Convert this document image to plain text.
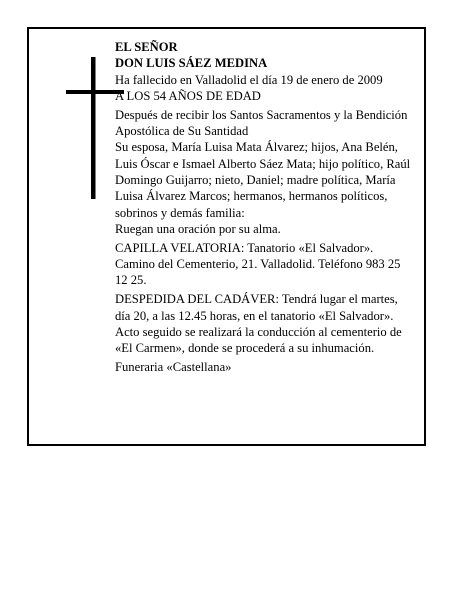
EL SEÑOR

DON LUIS SÁEZ MEDINA

Ha fallecido en Valladolid el día 19 de enero de 2009

A LOS 54 AÑOS DE EDAD

Después de recibir los Santos Sacramentos y la Bendición Apostólica de Su Santidad

Su esposa, María Luisa Mata Álvarez; hijos, Ana Belén, Luis Óscar e Ismael Alberto Sáez Mata; hijo político, Raúl Domingo Guijarro; nieto, Daniel; madre política, María Luisa Álvarez Marcos; hermanos, hermanos políticos, sobrinos y demás familia:

Ruegan una oración por su alma.

CAPILLA VELATORIA: Tanatorio «El Salvador». Camino del Cementerio, 21. Valladolid. Teléfono 983 25 12 25.

DESPEDIDA DEL CADÁVER: Tendrá lugar el martes, día 20, a las 12.45 horas, en el tanatorio «El Salvador». Acto seguido se realizará la conducción al cementerio de «El Carmen», donde se procederá a su inhumación.

Funeraria «Castellana»
